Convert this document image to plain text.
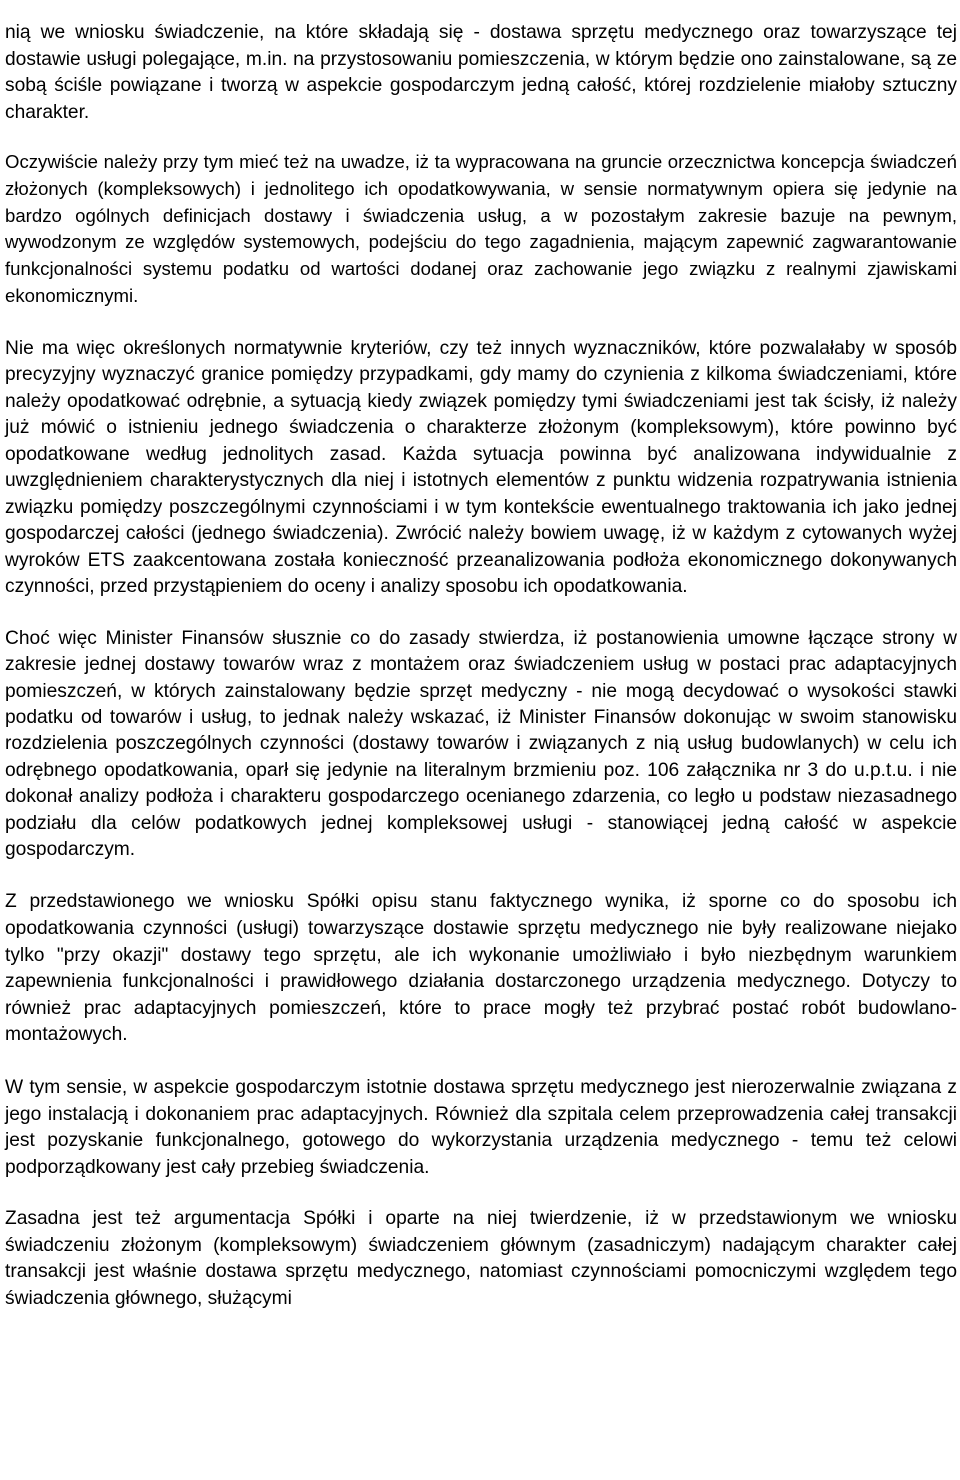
nią we wniosku świadczenie, na które składają się - dostawa sprzętu medycznego oraz towarzyszące tej dostawie usługi polegające, m.in. na przystosowaniu pomieszczenia, w którym będzie ono zainstalowane, są ze sobą ściśle powiązane i tworzą w aspekcie gospodarczym jedną całość, której rozdzielenie miałoby sztuczny charakter.

Oczywiście należy przy tym mieć też na uwadze, iż ta wypracowana na gruncie orzecznictwa koncepcja świadczeń złożonych (kompleksowych) i jednolitego ich opodatkowywania, w sensie normatywnym opiera się jedynie na bardzo ogólnych definicjach dostawy i świadczenia usług, a w pozostałym zakresie bazuje na pewnym, wywodzonym ze względów systemowych, podejściu do tego zagadnienia, mającym zapewnić zagwarantowanie funkcjonalności systemu podatku od wartości dodanej oraz zachowanie jego związku z realnymi zjawiskami ekonomicznymi.

Nie ma więc określonych normatywnie kryteriów, czy też innych wyznaczników, które pozwalałaby w sposób precyzyjny wyznaczyć granice pomiędzy przypadkami, gdy mamy do czynienia z kilkoma świadczeniami, które należy opodatkować odrębnie, a sytuacją kiedy związek pomiędzy tymi świadczeniami jest tak ścisły, iż należy już mówić o istnieniu jednego świadczenia o charakterze złożonym (kompleksowym), które powinno być opodatkowane według jednolitych zasad. Każda sytuacja powinna być analizowana indywidualnie z uwzględnieniem charakterystycznych dla niej i istotnych elementów z punktu widzenia rozpatrywania istnienia związku pomiędzy poszczególnymi czynnościami i w tym kontekście ewentualnego traktowania ich jako jednej gospodarczej całości (jednego świadczenia). Zwrócić należy bowiem uwagę, iż w każdym z cytowanych wyżej wyroków ETS zaakcentowana została konieczność przeanalizowania podłoża ekonomicznego dokonywanych czynności, przed przystąpieniem do oceny i analizy sposobu ich opodatkowania.

Choć więc Minister Finansów słusznie co do zasady stwierdza, iż postanowienia umowne łączące strony w zakresie jednej dostawy towarów wraz z montażem oraz świadczeniem usług w postaci prac adaptacyjnych pomieszczeń, w których zainstalowany będzie sprzęt medyczny - nie mogą decydować o wysokości stawki podatku od towarów i usług, to jednak należy wskazać, iż Minister Finansów dokonując w swoim stanowisku rozdzielenia poszczególnych czynności (dostawy towarów i związanych z nią usług budowlanych) w celu ich odrębnego opodatkowania, oparł się jedynie na literalnym brzmieniu poz. 106 załącznika nr 3 do u.p.t.u. i nie dokonał analizy podłoża i charakteru gospodarczego ocenianego zdarzenia, co legło u podstaw niezasadnego podziału dla celów podatkowych jednej kompleksowej usługi - stanowiącej jedną całość w aspekcie gospodarczym.

Z przedstawionego we wniosku Spółki opisu stanu faktycznego wynika, iż sporne co do sposobu ich opodatkowania czynności (usługi) towarzyszące dostawie sprzętu medycznego nie były realizowane niejako tylko "przy okazji" dostawy tego sprzętu, ale ich wykonanie umożliwiało i było niezbędnym warunkiem zapewnienia funkcjonalności i prawidłowego działania dostarczonego urządzenia medycznego. Dotyczy to również prac adaptacyjnych pomieszczeń, które to prace mogły też przybrać postać robót budowlano-montażowych.

W tym sensie, w aspekcie gospodarczym istotnie dostawa sprzętu medycznego jest nierozerwalnie związana z jego instalacją i dokonaniem prac adaptacyjnych. Również dla szpitala celem przeprowadzenia całej transakcji jest pozyskanie funkcjonalnego, gotowego do wykorzystania urządzenia medycznego - temu też celowi podporządkowany jest cały przebieg świadczenia.

Zasadna jest też argumentacja Spółki i oparte na niej twierdzenie, iż w przedstawionym we wniosku świadczeniu złożonym (kompleksowym) świadczeniem głównym (zasadniczym) nadającym charakter całej transakcji jest właśnie dostawa sprzętu medycznego, natomiast czynnościami pomocniczymi względem tego świadczenia głównego, służącymi
